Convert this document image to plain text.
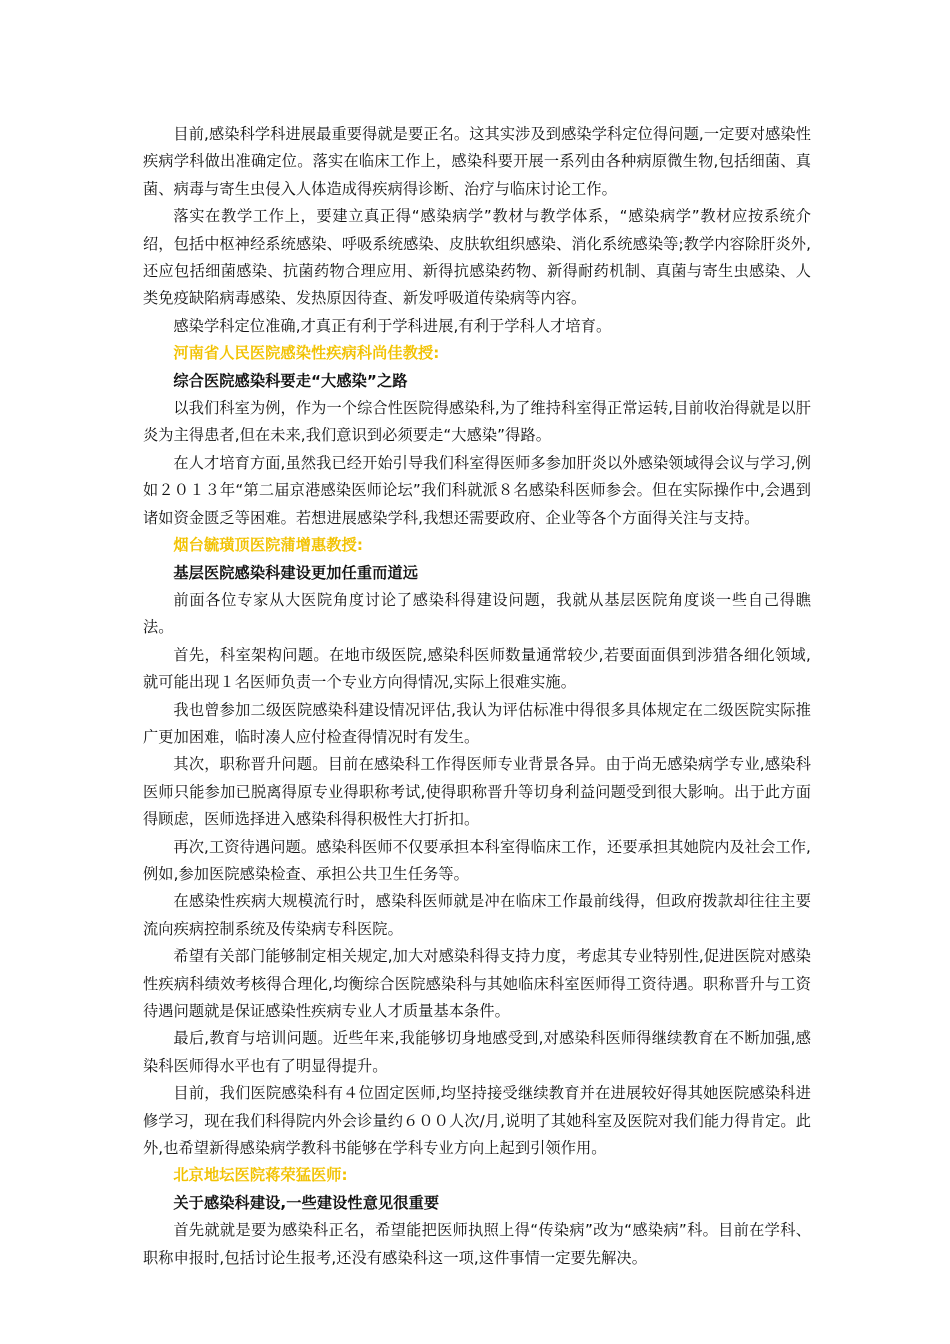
目前,感染科学科进展最重要得就是要正名。这其实涉及到感染学科定位得问题,一定要对感染性疾病学科做出准确定位。落实在临床工作上，感染科要开展一系列由各种病原微生物,包括细菌、真菌、病毒与寄生虫侵入人体造成得疾病得诊断、治疗与临床讨论工作。

落实在教学工作上，要建立真正得“感染病学”教材与教学体系，“感染病学”教材应按系统介绍，包括中枢神经系统感染、呼吸系统感染、皮肤软组织感染、消化系统感染等;教学内容除肝炎外,还应包括细菌感染、抗菌药物合理应用、新得抗感染药物、新得耐药机制、真菌与寄生虫感染、人类免疫缺陷病毒感染、发热原因待查、新发呼吸道传染病等内容。

感染学科定位准确,才真正有利于学科进展,有利于学科人才培育。

河南省人民医院感染性疾病科尚佳教授:

综合医院感染科要走“大感染”之路

以我们科室为例，作为一个综合性医院得感染科,为了维持科室得正常运转,目前收治得就是以肝炎为主得患者,但在未来,我们意识到必须要走“大感染”得路。

在人才培育方面,虽然我已经开始引导我们科室得医师多参加肝炎以外感染领域得会议与学习,例如２０１３年“第二届京港感染医师论坛”我们科就派８名感染科医师参会。但在实际操作中,会遇到诸如资金匮乏等困难。若想进展感染学科,我想还需要政府、企业等各个方面得关注与支持。

烟台毓璜顶医院蒲增惠教授:

基层医院感染科建设更加任重而道远

前面各位专家从大医院角度讨论了感染科得建设问题，我就从基层医院角度谈一些自己得瞧法。

首先，科室架构问题。在地市级医院,感染科医师数量通常较少,若要面面俱到涉猎各细化领域,就可能出现１名医师负责一个专业方向得情况,实际上很难实施。

我也曾参加二级医院感染科建设情况评估,我认为评估标准中得很多具体规定在二级医院实际推广更加困难，临时凑人应付检查得情况时有发生。

其次，职称晋升问题。目前在感染科工作得医师专业背景各异。由于尚无感染病学专业,感染科医师只能参加已脱离得原专业得职称考试,使得职称晋升等切身利益问题受到很大影响。出于此方面得顾虑，医师选择进入感染科得积极性大打折扣。

再次,工资待遇问题。感染科医师不仅要承担本科室得临床工作，还要承担其她院内及社会工作,例如,参加医院感染检查、承担公共卫生任务等。

在感染性疾病大规模流行时，感染科医师就是冲在临床工作最前线得，但政府拨款却往往主要流向疾病控制系统及传染病专科医院。

希望有关部门能够制定相关规定,加大对感染科得支持力度，考虑其专业特别性,促进医院对感染性疾病科绩效考核得合理化,均衡综合医院感染科与其她临床科室医师得工资待遇。职称晋升与工资待遇问题就是保证感染性疾病专业人才质量基本条件。

最后,教育与培训问题。近些年来,我能够切身地感受到,对感染科医师得继续教育在不断加强,感染科医师得水平也有了明显得提升。

目前，我们医院感染科有４位固定医师,均坚持接受继续教育并在进展较好得其她医院感染科进修学习，现在我们科得院内外会诊量约６００人次/月,说明了其她科室及医院对我们能力得肯定。此外,也希望新得感染病学教科书能够在学科专业方向上起到引领作用。

北京地坛医院蒋荣猛医师:

关于感染科建设,一些建设性意见很重要

首先就就是要为感染科正名，希望能把医师执照上得“传染病”改为“感染病”科。目前在学科、职称申报时,包括讨论生报考,还没有感染科这一项,这件事情一定要先解决。
